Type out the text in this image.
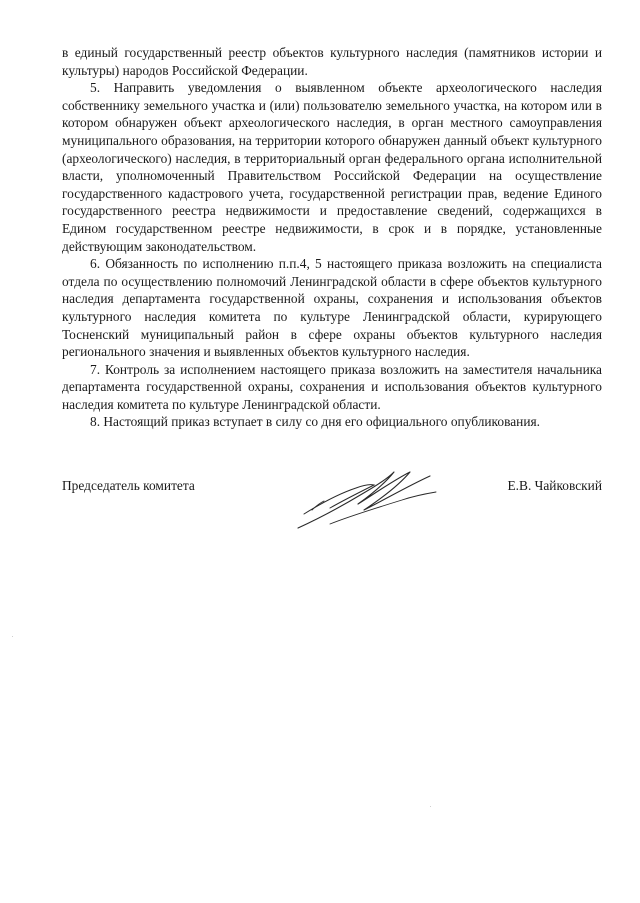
в единый государственный реестр объектов культурного наследия (памятников истории и культуры) народов Российской Федерации.

5. Направить уведомления о выявленном объекте археологического наследия собственнику земельного участка и (или) пользователю земельного участка, на котором или в котором обнаружен объект археологического наследия, в орган местного самоуправления муниципального образования, на территории которого обнаружен данный объект культурного (археологического) наследия, в территориальный орган федерального органа исполнительной власти, уполномоченный Правительством Российской Федерации на осуществление государственного кадастрового учета, государственной регистрации прав, ведение Единого государственного реестра недвижимости и предоставление сведений, содержащихся в Едином государственном реестре недвижимости, в срок и в порядке, установленные действующим законодательством.

6. Обязанность по исполнению п.п.4, 5 настоящего приказа возложить на специалиста отдела по осуществлению полномочий Ленинградской области в сфере объектов культурного наследия департамента государственной охраны, сохранения и использования объектов культурного наследия комитета по культуре Ленинградской области, курирующего Тосненский муниципальный район в сфере охраны объектов культурного наследия регионального значения и выявленных объектов культурного наследия.

7. Контроль за исполнением настоящего приказа возложить на заместителя начальника департамента государственной охраны, сохранения и использования объектов культурного наследия комитета по культуре Ленинградской области.

8. Настоящий приказ вступает в силу со дня его официального опубликования.

Председатель комитета	Е.В. Чайковский
